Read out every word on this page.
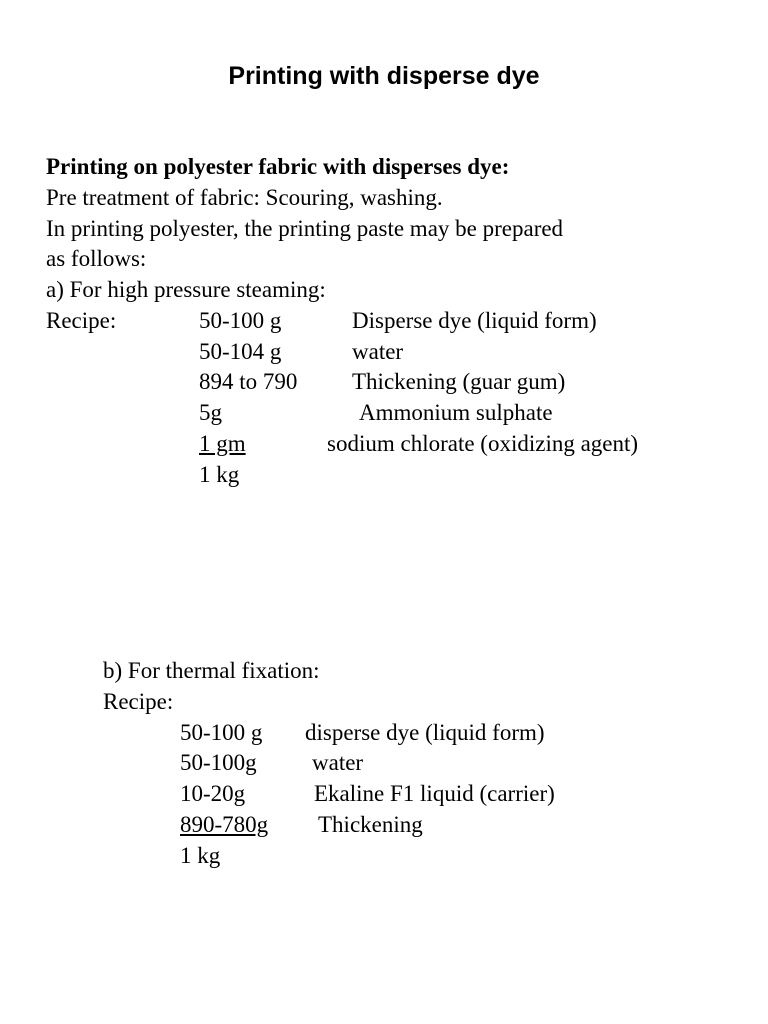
Printing with disperse dye

Printing on polyester fabric with disperses dye:

Pre treatment of fabric: Scouring, washing.

In printing polyester, the printing paste may be prepared

as follows:

a) For high pressure steaming:

Recipe:	50-100 g	Disperse dye (liquid form)

50-104 g	water

894 to 790 Thickening (guar gum)

5g	Ammonium sulphate

1 gm	sodium chlorate (oxidizing agent)

1 kg

b) For thermal fixation:

Recipe:

50-100 g disperse dye (liquid form)

50-100g water

10-20g	Ekaline F1 liquid (carrier)

890-780g Thickening

1 kg
